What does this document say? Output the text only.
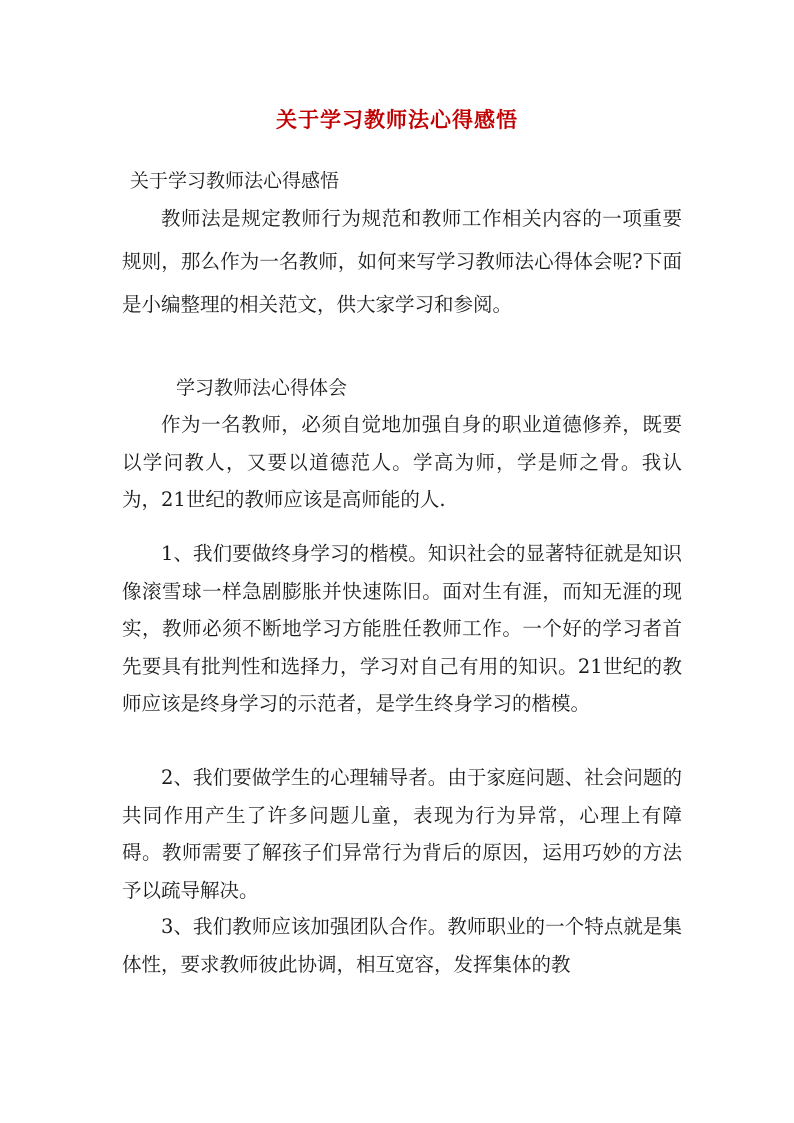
关于学习教师法心得感悟
关于学习教师法心得感悟
教师法是规定教师行为规范和教师工作相关内容的一项重要规则，那么作为一名教师，如何来写学习教师法心得体会呢?下面是小编整理的相关范文，供大家学习和参阅。
学习教师法心得体会
作为一名教师，必须自觉地加强自身的职业道德修养，既要以学问教人，又要以道德范人。学高为师，学是师之骨。我认为，21世纪的教师应该是高师能的人.
1、我们要做终身学习的楷模。知识社会的显著特征就是知识像滚雪球一样急剧膨胀并快速陈旧。面对生有涯，而知无涯的现实，教师必须不断地学习方能胜任教师工作。一个好的学习者首先要具有批判性和选择力，学习对自己有用的知识。21世纪的教师应该是终身学习的示范者，是学生终身学习的楷模。
2、我们要做学生的心理辅导者。由于家庭问题、社会问题的共同作用产生了许多问题儿童，表现为行为异常，心理上有障碍。教师需要了解孩子们异常行为背后的原因，运用巧妙的方法予以疏导解决。
3、我们教师应该加强团队合作。教师职业的一个特点就是集体性，要求教师彼此协调，相互宽容，发挥集体的教
